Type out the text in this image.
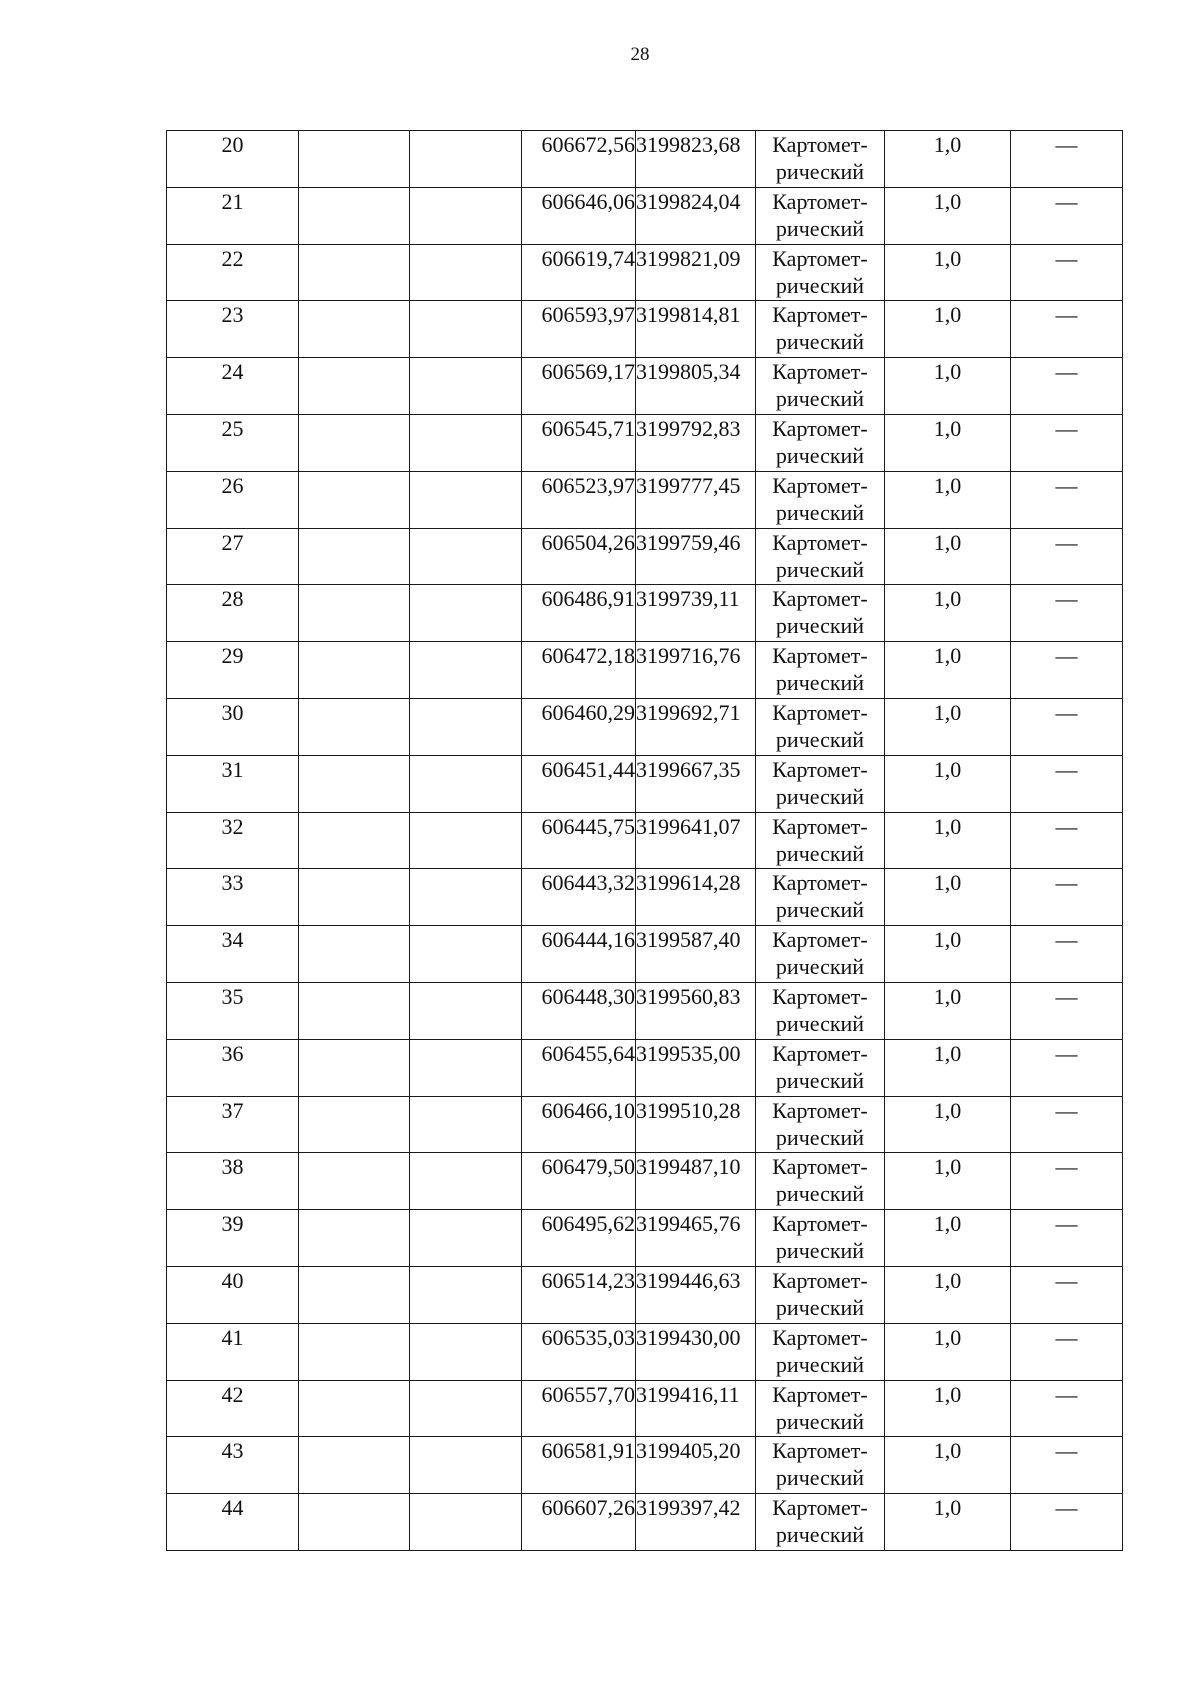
28
20			606672,56	3199823,68	Картомет-
рический	1,0	—
21			606646,06	3199824,04	Картомет-
рический	1,0	—
22			606619,74	3199821,09	Картомет-
рический	1,0	—
23			606593,97	3199814,81	Картомет-
рический	1,0	—
24			606569,17	3199805,34	Картомет-
рический	1,0	—
25			606545,71	3199792,83	Картомет-
рический	1,0	—
26			606523,97	3199777,45	Картомет-
рический	1,0	—
27			606504,26	3199759,46	Картомет-
рический	1,0	—
28			606486,91	3199739,11	Картомет-
рический	1,0	—
29			606472,18	3199716,76	Картомет-
рический	1,0	—
30			606460,29	3199692,71	Картомет-
рический	1,0	—
31			606451,44	3199667,35	Картомет-
рический	1,0	—
32			606445,75	3199641,07	Картомет-
рический	1,0	—
33			606443,32	3199614,28	Картомет-
рический	1,0	—
34			606444,16	3199587,40	Картомет-
рический	1,0	—
35			606448,30	3199560,83	Картомет-
рический	1,0	—
36			606455,64	3199535,00	Картомет-
рический	1,0	—
37			606466,10	3199510,28	Картомет-
рический	1,0	—
38			606479,50	3199487,10	Картомет-
рический	1,0	—
39			606495,62	3199465,76	Картомет-
рический	1,0	—
40			606514,23	3199446,63	Картомет-
рический	1,0	—
41			606535,03	3199430,00	Картомет-
рический	1,0	—
42			606557,70	3199416,11	Картомет-
рический	1,0	—
43			606581,91	3199405,20	Картомет-
рический	1,0	—
44			606607,26	3199397,42	Картомет-
рический	1,0	—
